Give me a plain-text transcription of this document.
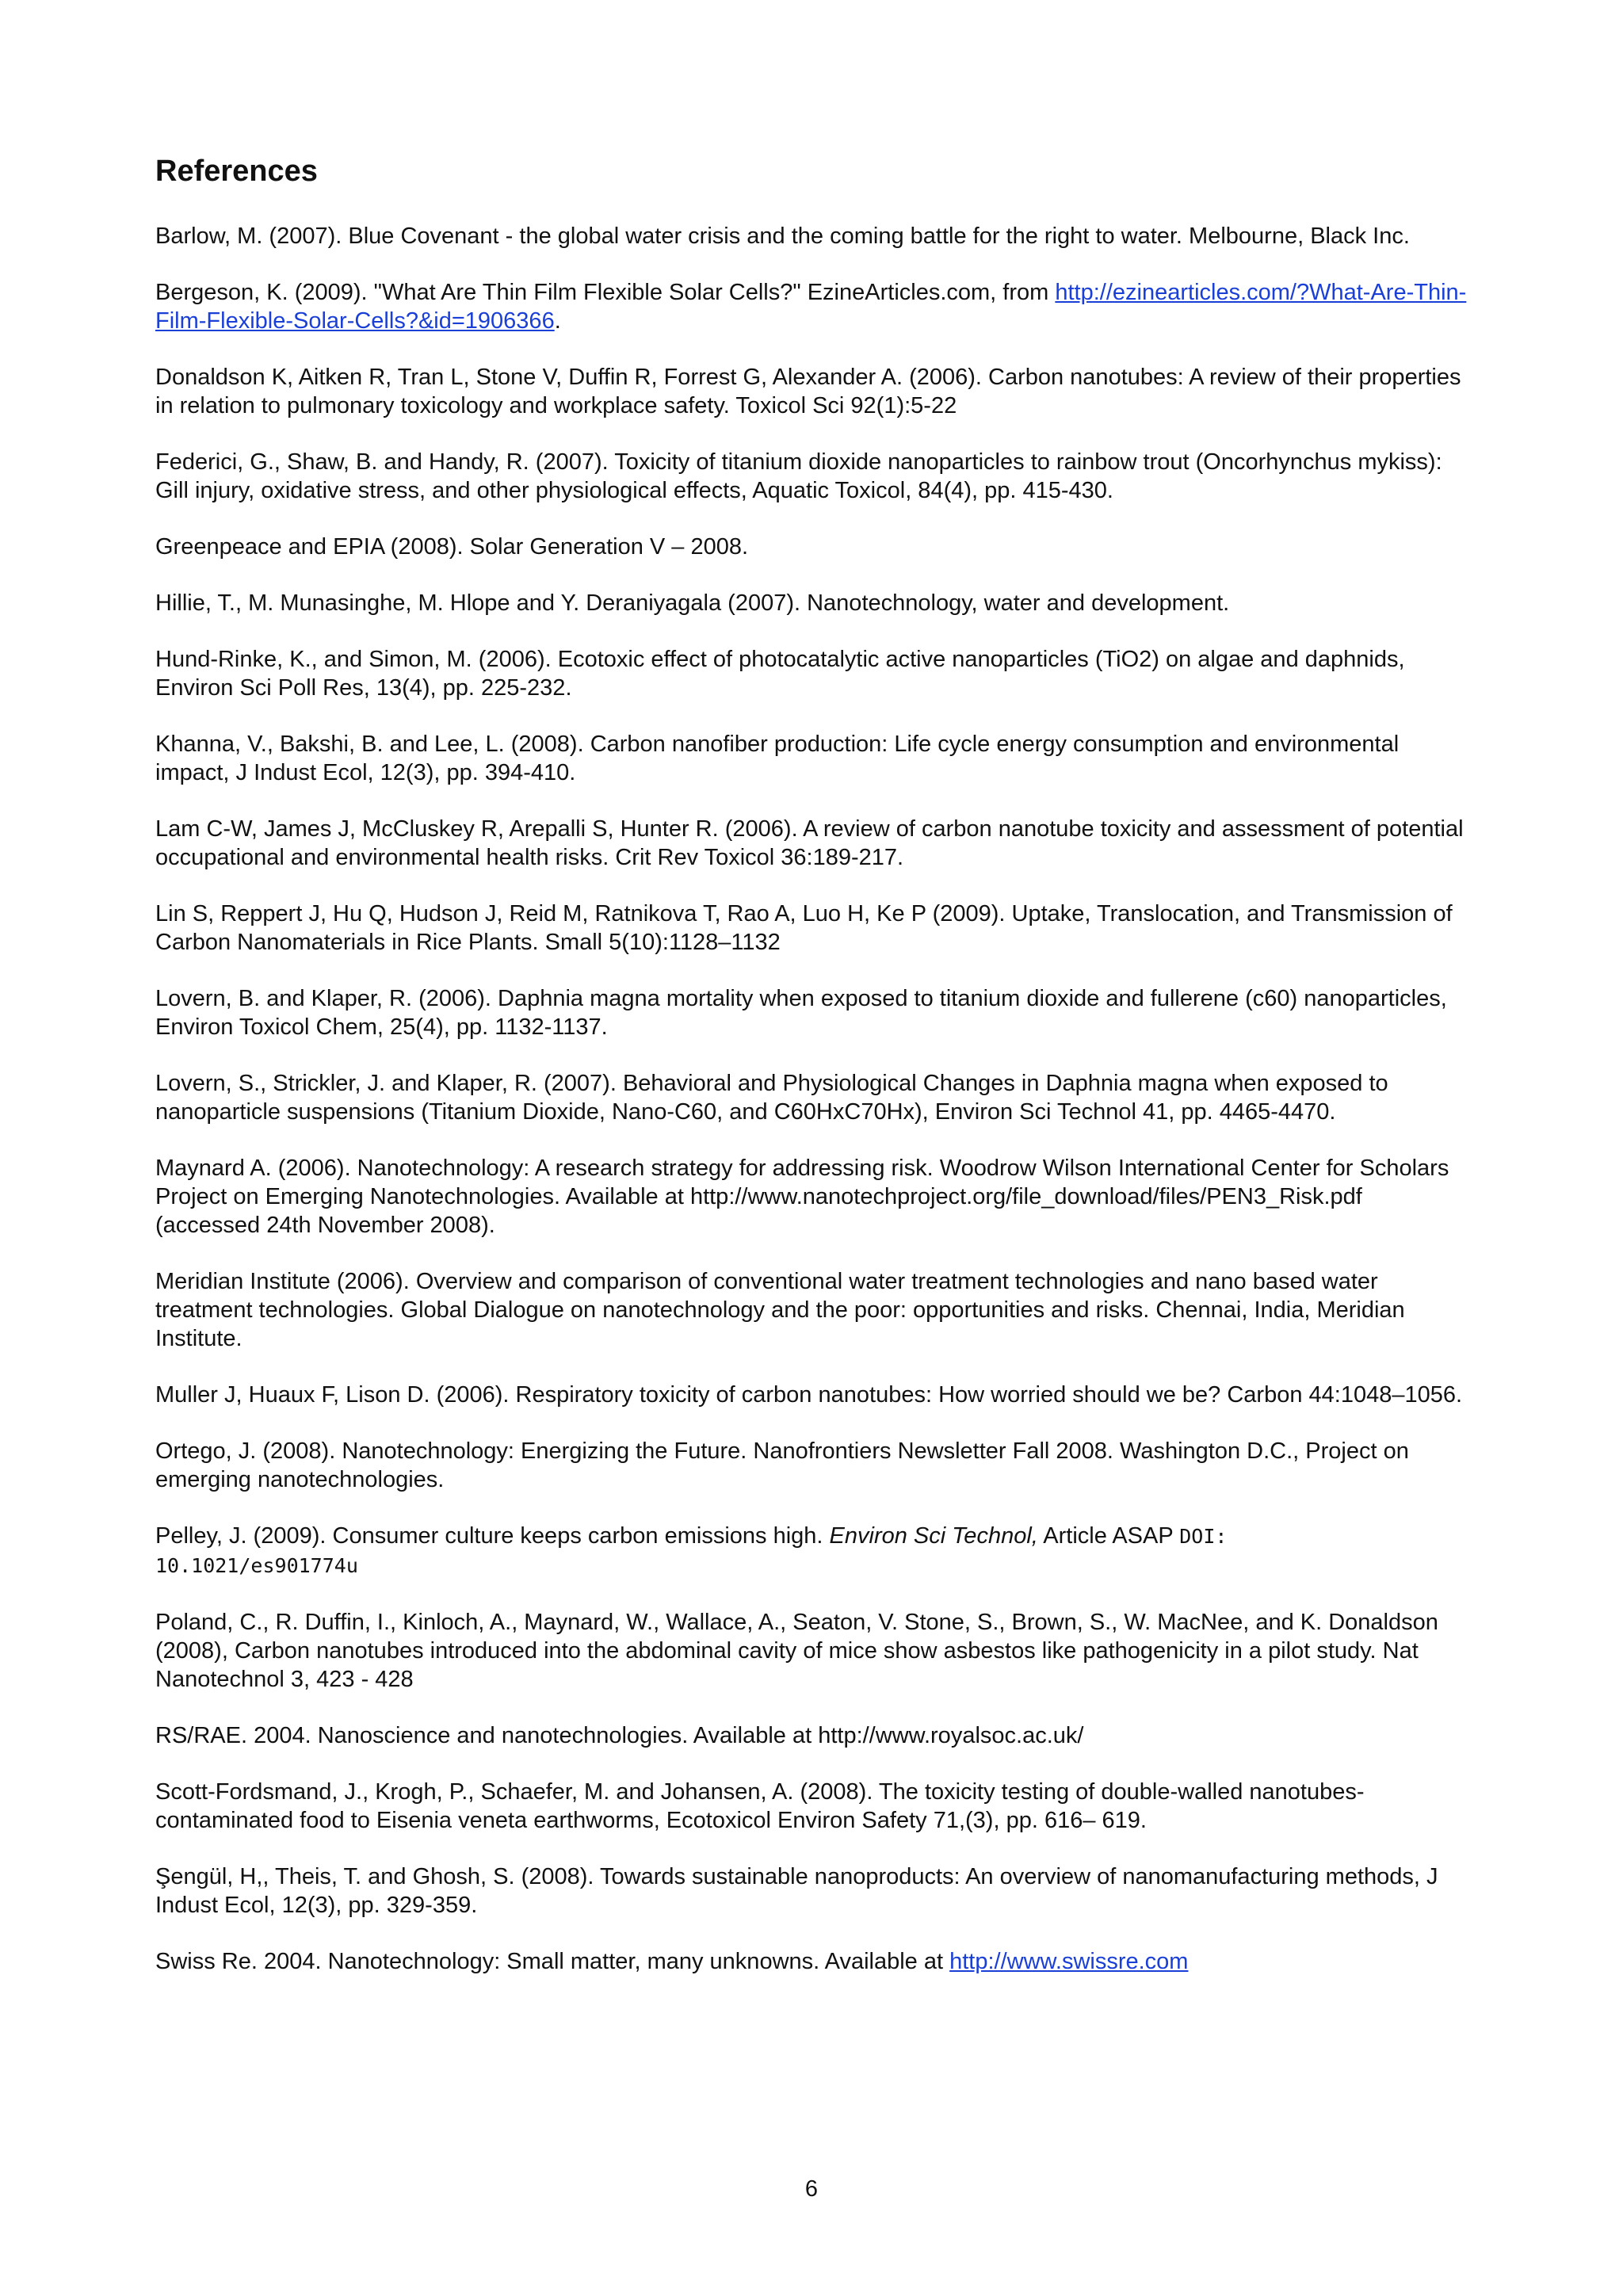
References
Barlow, M. (2007). Blue Covenant - the global water crisis and the coming battle for the right to water. Melbourne, Black Inc.
Bergeson, K. (2009). "What Are Thin Film Flexible Solar Cells?" EzineArticles.com, from http://ezinearticles.com/?What-Are-Thin-Film-Flexible-Solar-Cells?&id=1906366.
Donaldson K, Aitken R, Tran L, Stone V, Duffin R, Forrest G, Alexander A. (2006). Carbon nanotubes: A review of their properties in relation to pulmonary toxicology and workplace safety. Toxicol Sci 92(1):5-22
Federici, G., Shaw, B. and Handy, R. (2007). Toxicity of titanium dioxide nanoparticles to rainbow trout (Oncorhynchus mykiss): Gill injury, oxidative stress, and other physiological effects, Aquatic Toxicol, 84(4), pp. 415-430.
Greenpeace and EPIA (2008). Solar Generation V – 2008.
Hillie, T., M. Munasinghe, M. Hlope and Y. Deraniyagala (2007). Nanotechnology, water and development.
Hund-Rinke, K., and Simon, M. (2006). Ecotoxic effect of photocatalytic active nanoparticles (TiO2) on algae and daphnids, Environ Sci Poll Res, 13(4), pp. 225-232.
Khanna, V., Bakshi, B. and Lee, L. (2008). Carbon nanofiber production: Life cycle energy consumption and environmental impact, J Indust Ecol, 12(3), pp. 394-410.
Lam C-W, James J, McCluskey R, Arepalli S, Hunter R. (2006). A review of carbon nanotube toxicity and assessment of potential occupational and environmental health risks. Crit Rev Toxicol 36:189-217.
Lin S, Reppert J, Hu Q, Hudson J, Reid M, Ratnikova T, Rao A, Luo H, Ke P (2009). Uptake, Translocation, and Transmission of Carbon Nanomaterials in Rice Plants. Small 5(10):1128–1132
Lovern, B. and Klaper, R. (2006). Daphnia magna mortality when exposed to titanium dioxide and fullerene (c60) nanoparticles, Environ Toxicol Chem, 25(4), pp. 1132-1137.
Lovern, S., Strickler, J. and Klaper, R. (2007). Behavioral and Physiological Changes in Daphnia magna when exposed to nanoparticle suspensions (Titanium Dioxide, Nano-C60, and C60HxC70Hx), Environ Sci Technol 41, pp. 4465-4470.
Maynard A. (2006). Nanotechnology: A research strategy for addressing risk. Woodrow Wilson International Center for Scholars Project on Emerging Nanotechnologies. Available at http://www.nanotechproject.org/file_download/files/PEN3_Risk.pdf (accessed 24th November 2008).
Meridian Institute (2006). Overview and comparison of conventional water treatment technologies and nano based water treatment technologies. Global Dialogue on nanotechnology and the poor: opportunities and risks. Chennai, India, Meridian Institute.
Muller J, Huaux F, Lison D. (2006). Respiratory toxicity of carbon nanotubes: How worried should we be? Carbon 44:1048–1056.
Ortego, J. (2008). Nanotechnology: Energizing the Future. Nanofrontiers Newsletter Fall 2008. Washington D.C., Project on emerging nanotechnologies.
Pelley, J. (2009). Consumer culture keeps carbon emissions high. Environ Sci Technol, Article ASAP DOI:
10.1021/es901774u
Poland, C., R. Duffin, I., Kinloch, A., Maynard, W., Wallace, A., Seaton, V. Stone, S., Brown, S., W. MacNee, and K. Donaldson (2008), Carbon nanotubes introduced into the abdominal cavity of mice show asbestos like pathogenicity in a pilot study. Nat Nanotechnol 3, 423 - 428
RS/RAE. 2004. Nanoscience and nanotechnologies. Available at http://www.royalsoc.ac.uk/
Scott-Fordsmand, J., Krogh, P., Schaefer, M. and Johansen, A. (2008). The toxicity testing of double-walled nanotubes-contaminated food to Eisenia veneta earthworms, Ecotoxicol Environ Safety 71,(3), pp. 616– 619.
Şengül, H,, Theis, T. and Ghosh, S. (2008). Towards sustainable nanoproducts: An overview of nanomanufacturing methods, J Indust Ecol, 12(3), pp. 329-359.
Swiss Re. 2004. Nanotechnology: Small matter, many unknowns. Available at http://www.swissre.com
6
